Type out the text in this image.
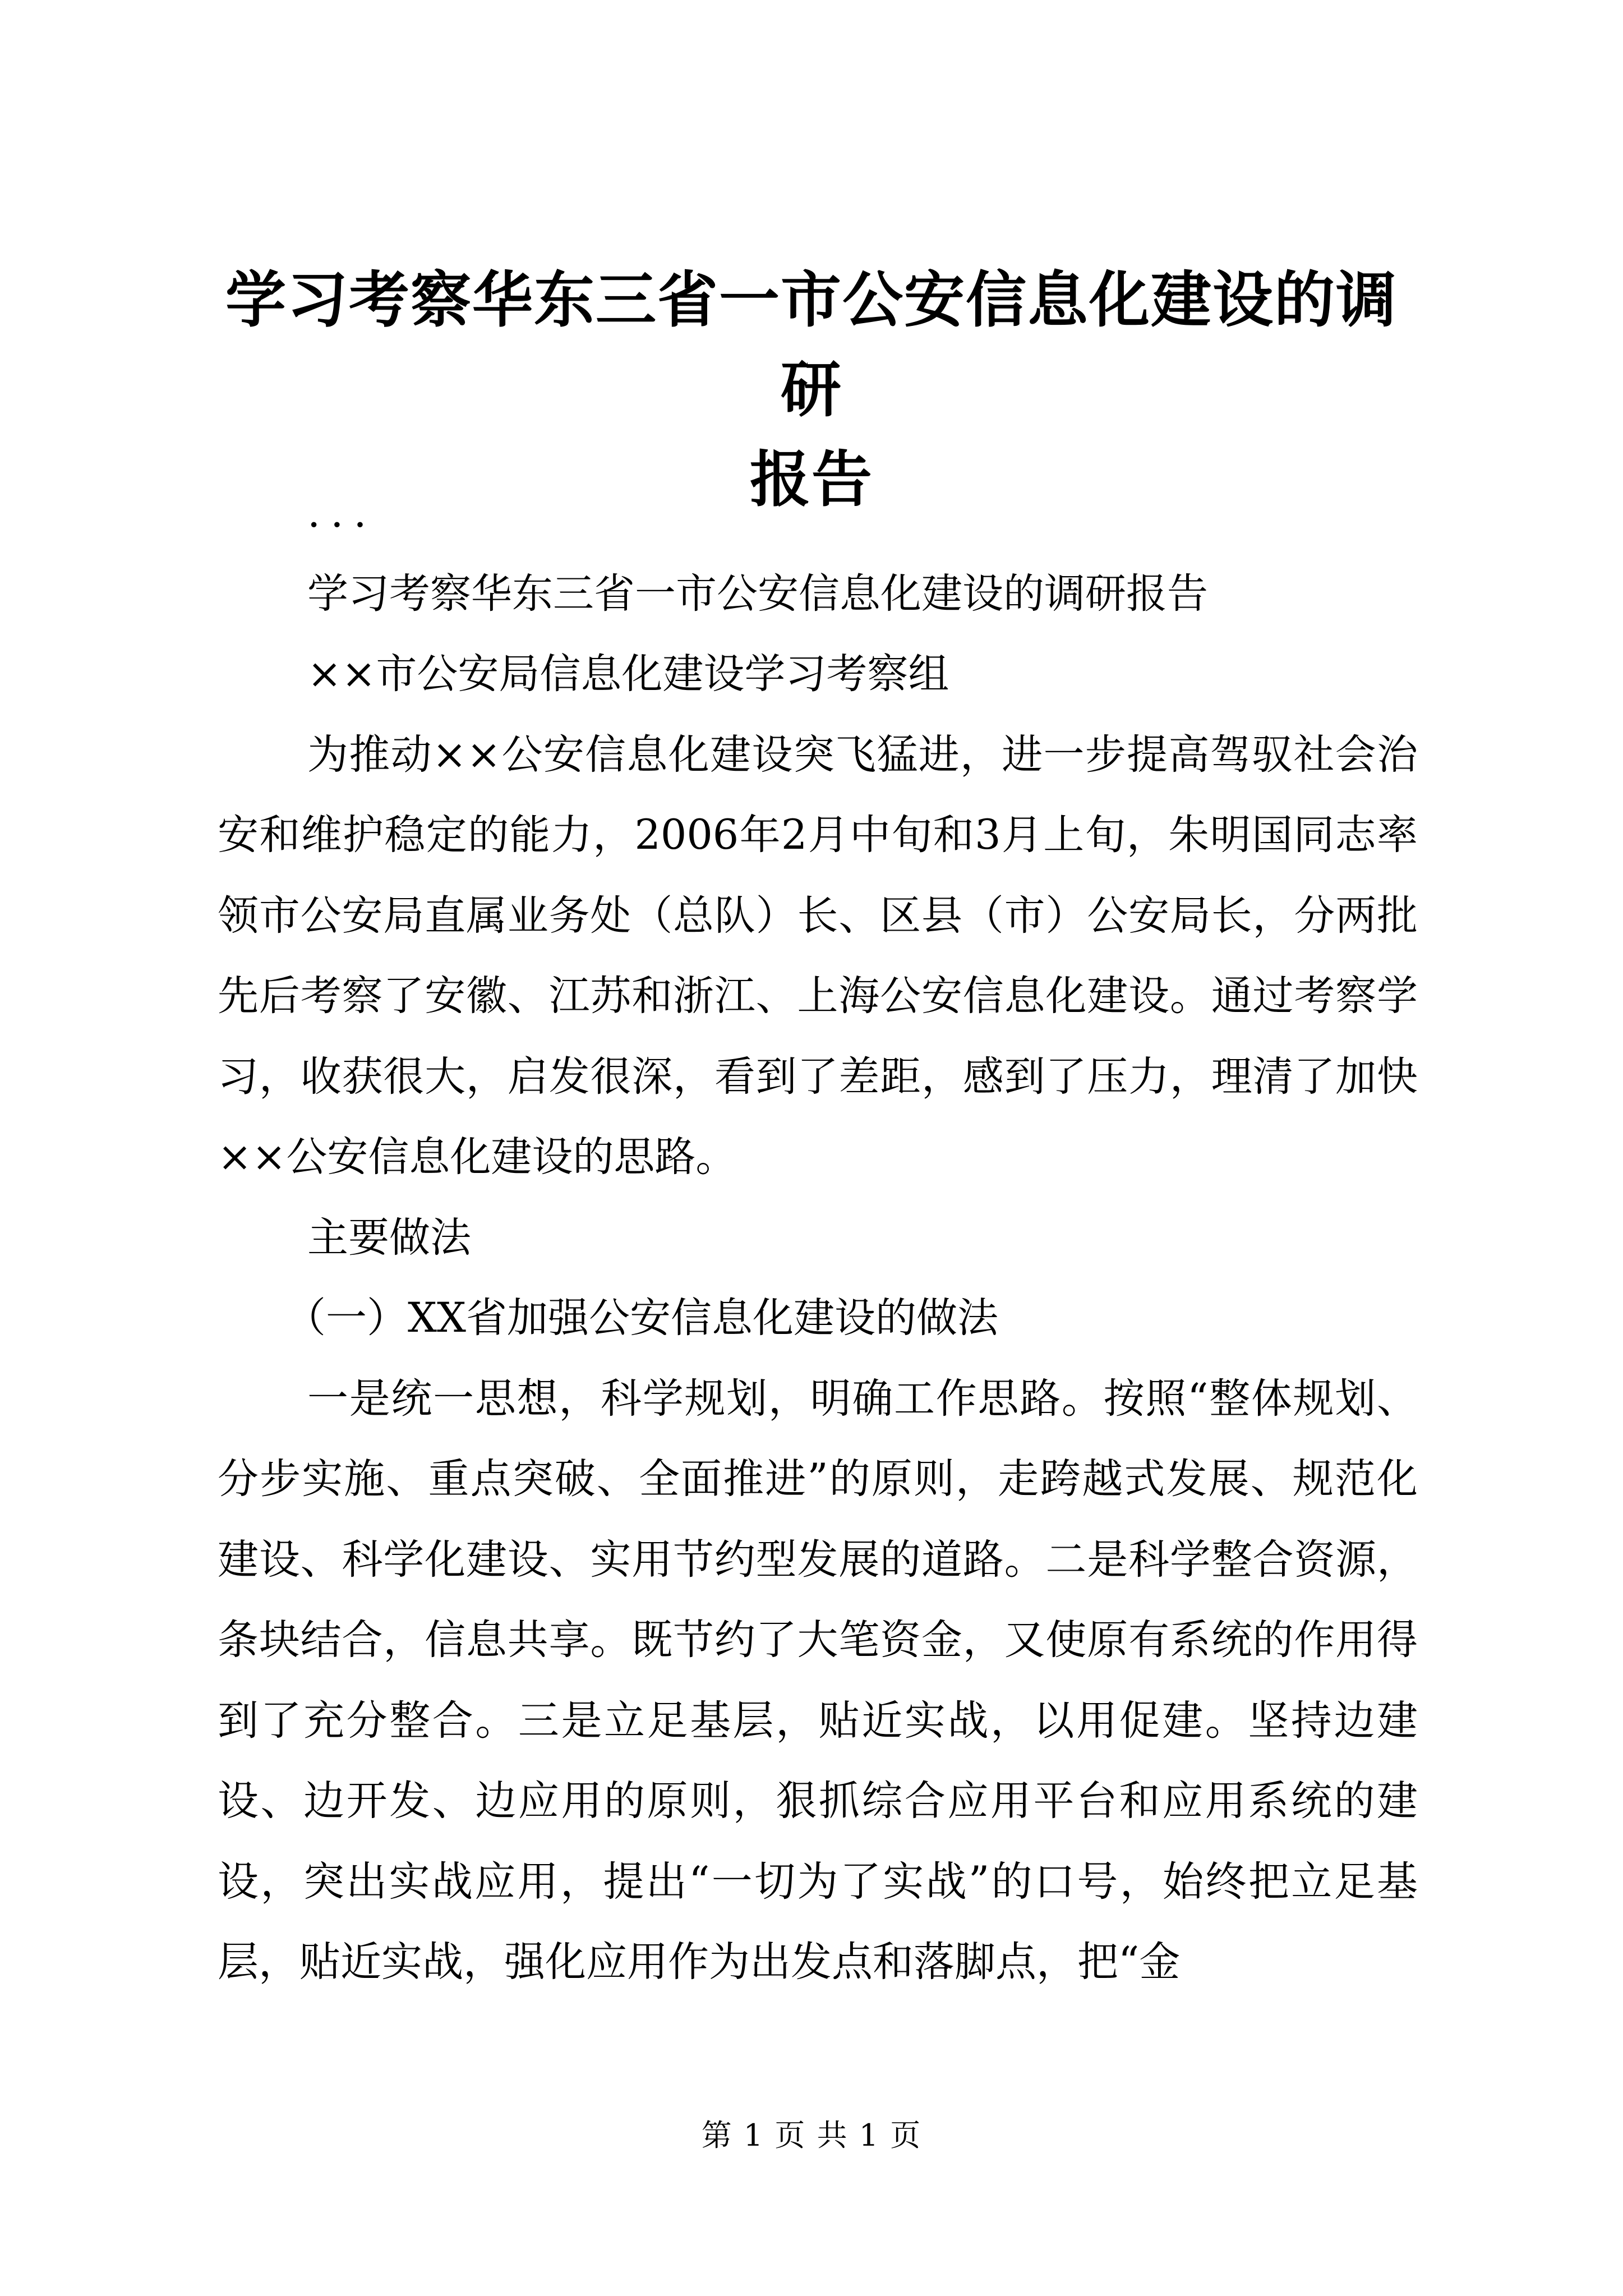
学习考察华东三省一市公安信息化建设的调研
报告

...

学习考察华东三省一市公安信息化建设的调研报告

××市公安局信息化建设学习考察组

为推动××公安信息化建设突飞猛进，进一步提高驾驭社会治安和维护稳定的能力，2006年2月中旬和3月上旬，朱明国同志率领市公安局直属业务处（总队）长、区县（市）公安局长，分两批先后考察了安徽、江苏和浙江、上海公安信息化建设。通过考察学习，收获很大，启发很深，看到了差距，感到了压力，理清了加快××公安信息化建设的思路。

主要做法

（一）XX省加强公安信息化建设的做法

一是统一思想，科学规划，明确工作思路。按照“整体规划、分步实施、重点突破、全面推进”的原则，走跨越式发展、规范化建设、科学化建设、实用节约型发展的道路。二是科学整合资源，条块结合，信息共享。既节约了大笔资金，又使原有系统的作用得到了充分整合。三是立足基层，贴近实战，以用促建。坚持边建设、边开发、边应用的原则，狠抓综合应用平台和应用系统的建设，突出实战应用，提出“一切为了实战”的口号，始终把立足基层，贴近实战，强化应用作为出发点和落脚点，把“金

第 1 页 共 1 页
